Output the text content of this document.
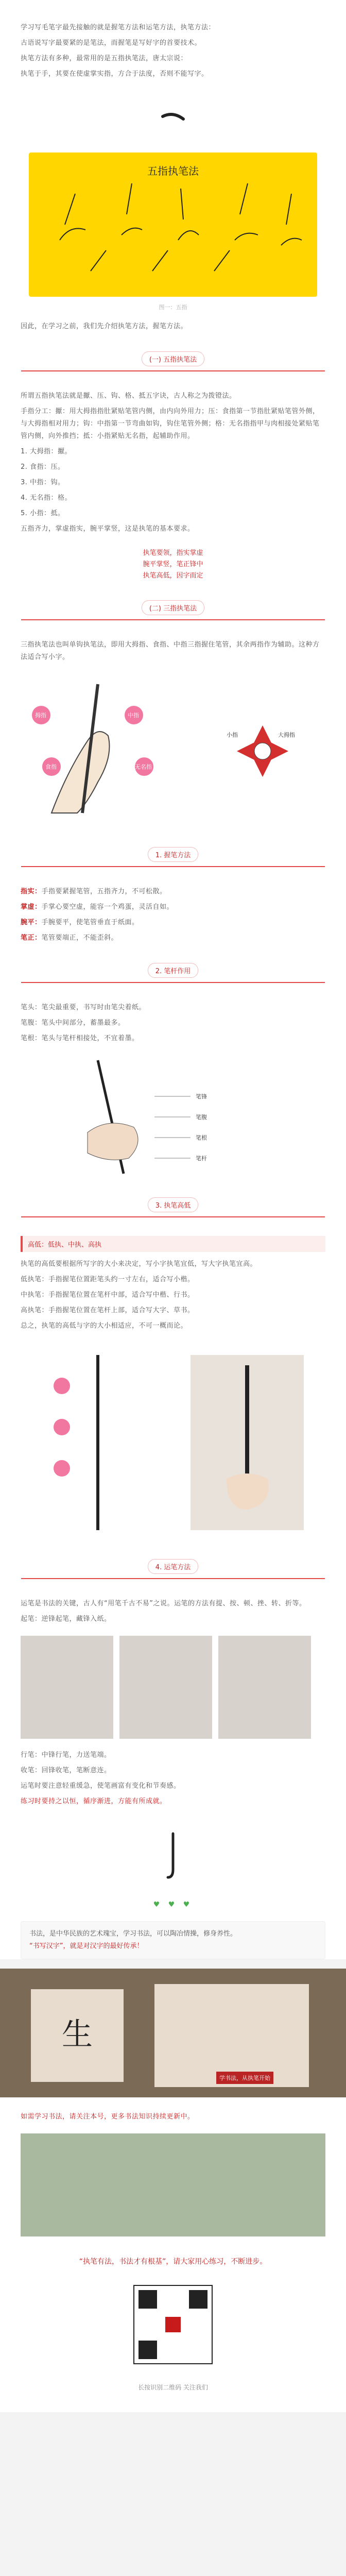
学习写毛笔字最先接触的就是握笔方法和运笔方法，执笔方法：

古语说写字最要紧的是笔法，而握笔是写好字的首要技术。

执笔方法有多种，最常用的是五指执笔法，唐太宗说：

执笔于手，其要在使虚掌实指，方合于法度，否则不能写字。

五指执笔法
图一：五指

因此，在学习之前，我们先介绍执笔方法，握笔方法。

(一) 五指执笔法

所谓五指执笔法就是擫、压、钩、格、抵五字诀，古人称之为拨镫法。

手指分工：擫：用大拇指指肚紧贴笔管内侧，由内向外用力；压：食指第一节指肚紧贴笔管外侧，与大拇指相对用力；钩：中指第一节弯曲如钩，钩住笔管外侧；格：无名指指甲与肉相接处紧贴笔管内侧，向外推挡；抵：小指紧贴无名指，起辅助作用。

1. 大拇指：擫。

2. 食指：压。

3. 中指：钩。

4. 无名指：格。

5. 小指：抵。

五指齐力，掌虚指实，腕平掌竖，这是执笔的基本要求。

执笔要领，指实掌虚
腕平掌竖，笔正锋中
执笔高低，因字而定
(二) 三指执笔法

三指执笔法也叫单钩执笔法，即用大拇指、食指、中指三指握住笔管，其余两指作为辅助。这种方法适合写小字。

拇指
食指
中指
无名指
小指	大拇指
1. 握笔方法
指实：手指要紧握笔管，五指齐力，不可松散。
掌虚：手掌心要空虚，能容一个鸡蛋，灵活自如。
腕平：手腕要平，使笔管垂直于纸面。
笔正：笔管要端正，不能歪斜。
2. 笔杆作用

笔头：笔尖最重要，书写时由笔尖着纸。

笔腹：笔头中间部分，蓄墨最多。

笔根：笔头与笔杆相接处，不宜着墨。

笔锋
笔腹
笔根
笔杆
3. 执笔高低
高低：低执、中执、高执

执笔的高低要根据所写字的大小来决定，写小字执笔宜低，写大字执笔宜高。

低执笔：手指握笔位置距笔头约一寸左右，适合写小楷。

中执笔：手指握笔位置在笔杆中部，适合写中楷、行书。

高执笔：手指握笔位置在笔杆上部，适合写大字、草书。

总之，执笔的高低与字的大小相适应，不可一概而论。

4. 运笔方法

运笔是书法的关键，古人有“用笔千古不易”之说。运笔的方法有提、按、顿、挫、转、折等。

起笔：逆锋起笔，藏锋入纸。

行笔：中锋行笔，力送笔端。

收笔：回锋收笔，笔断意连。

运笔时要注意轻重缓急，使笔画富有变化和节奏感。

练习时要持之以恒，循序渐进，方能有所成就。

♥ ♥ ♥
书法，是中华民族的艺术瑰宝，学习书法，可以陶冶情操，修身养性。
“书写汉字”，就是对汉字的最好传承！
生
学书法，从执笔开始

如需学习书法，请关注本号，更多书法知识持续更新中。

“执笔有法，书法才有根基”，请大家用心练习，不断进步。
长按识别二维码 关注我们
